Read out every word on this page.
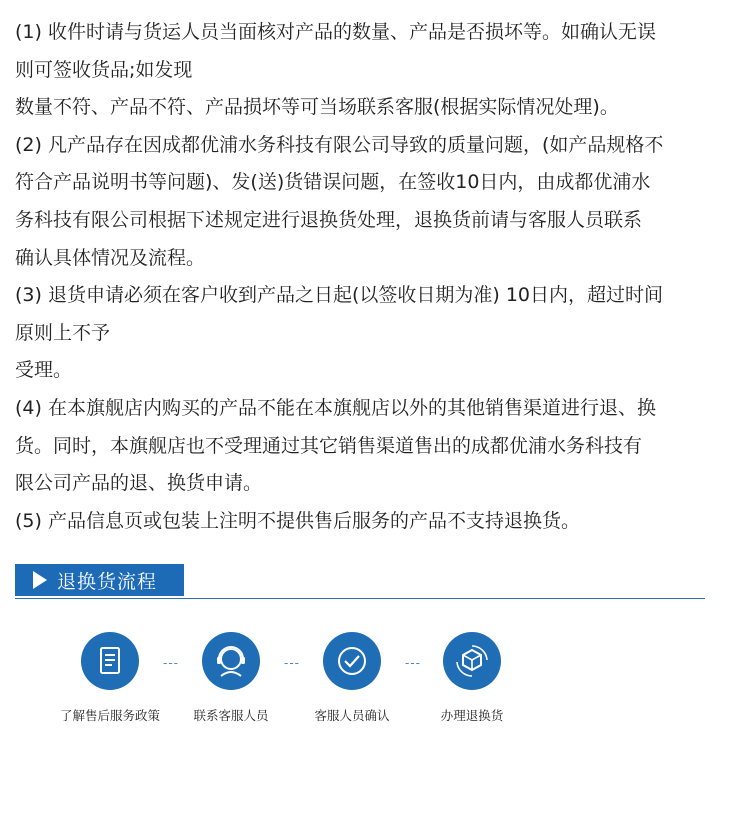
(1) 收件时请与货运人员当面核对产品的数量、产品是否损坏等。如确认无误
则可签收货品;如发现
数量不符、产品不符、产品损坏等可当场联系客服(根据实际情况处理)。
(2) 凡产品存在因成都优浦水务科技有限公司导致的质量问题，(如产品规格不
符合产品说明书等问题)、发(送)货错误问题，在签收10日内，由成都优浦水
务科技有限公司根据下述规定进行退换货处理，退换货前请与客服人员联系
确认具体情况及流程。
(3) 退货申请必须在客户收到产品之日起(以签收日期为准) 10日内，超过时间
原则上不予
受理。
(4) 在本旗舰店内购买的产品不能在本旗舰店以外的其他销售渠道进行退、换
货。同时，本旗舰店也不受理通过其它销售渠道售出的成都优浦水务科技有
限公司产品的退、换货申请。
(5) 产品信息页或包装上注明不提供售后服务的产品不支持退换货。
退换货流程
了解售后服务政策
---
联系客服人员
---
客服人员确认
---
办理退换货
